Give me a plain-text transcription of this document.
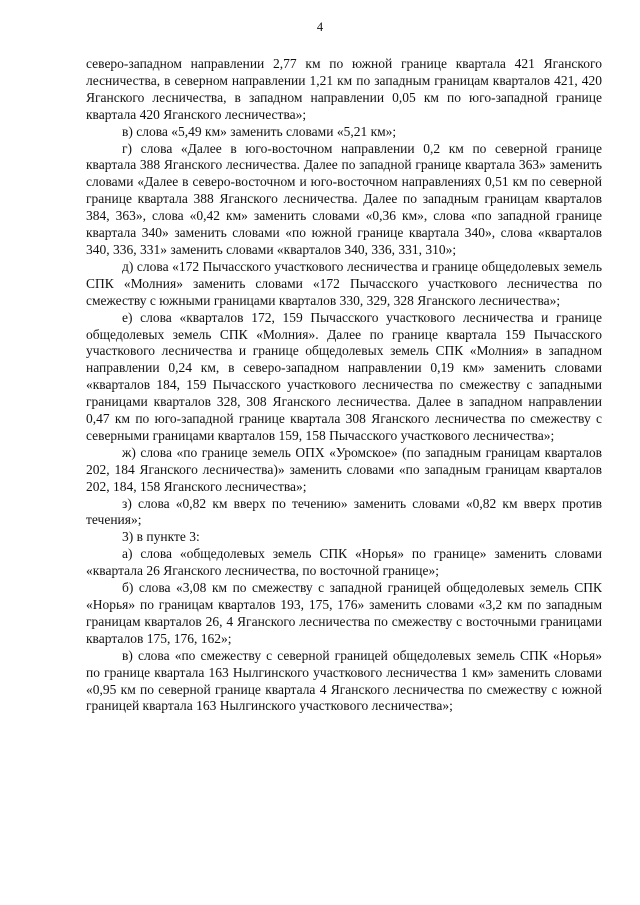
4

северо-западном направлении 2,77 км по южной границе квартала 421 Яганского лесничества, в северном направлении 1,21 км по западным границам кварталов 421, 420 Яганского лесничества, в западном направлении 0,05 км по юго-западной границе квартала 420 Яганского лесничества»;

в) слова «5,49 км» заменить словами «5,21 км»;

г) слова «Далее в юго-восточном направлении 0,2 км по северной границе квартала 388 Яганского лесничества. Далее по западной границе квартала 363» заменить словами «Далее в северо-восточном и юго-восточном направлениях 0,51 км по северной границе квартала 388 Яганского лесничества. Далее по западным границам кварталов 384, 363», слова «0,42 км» заменить словами «0,36 км», слова «по западной границе квартала 340» заменить словами «по южной границе квартала 340», слова «кварталов 340, 336, 331» заменить словами «кварталов 340, 336, 331, 310»;

д) слова «172 Пычасского участкового лесничества и границе общедолевых земель СПК «Молния» заменить словами «172 Пычасского участкового лесничества по смежеству с южными границами кварталов 330, 329, 328 Яганского лесничества»;

е) слова «кварталов 172, 159 Пычасского участкового лесничества и границе общедолевых земель СПК «Молния». Далее по границе квартала 159 Пычасского участкового лесничества и границе общедолевых земель СПК «Молния» в западном направлении 0,24 км, в северо-западном направлении 0,19 км» заменить словами «кварталов 184, 159 Пычасского участкового лесничества по смежеству с западными границами кварталов 328, 308 Яганского лесничества. Далее в западном направлении 0,47 км по юго-западной границе квартала 308 Яганского лесничества по смежеству с северными границами кварталов 159, 158 Пычасского участкового лесничества»;

ж) слова «по границе земель ОПХ «Уромское» (по западным границам кварталов 202, 184 Яганского лесничества)» заменить словами «по западным границам кварталов 202, 184, 158 Яганского лесничества»;

з) слова «0,82 км вверх по течению» заменить словами «0,82 км вверх против течения»;

3) в пункте 3:

а) слова «общедолевых земель СПК «Норья» по границе» заменить словами «квартала 26 Яганского лесничества, по восточной границе»;

б) слова «3,08 км по смежеству с западной границей общедолевых земель СПК «Норья» по границам кварталов 193, 175, 176» заменить словами «3,2 км по западным границам кварталов 26, 4 Яганского лесничества по смежеству с восточными границами кварталов 175, 176, 162»;

в) слова «по смежеству с северной границей общедолевых земель СПК «Норья» по границе квартала 163 Нылгинского участкового лесничества 1 км» заменить словами «0,95 км по северной границе квартала 4 Яганского лесничества по смежеству с южной границей квартала 163 Нылгинского участкового лесничества»;
